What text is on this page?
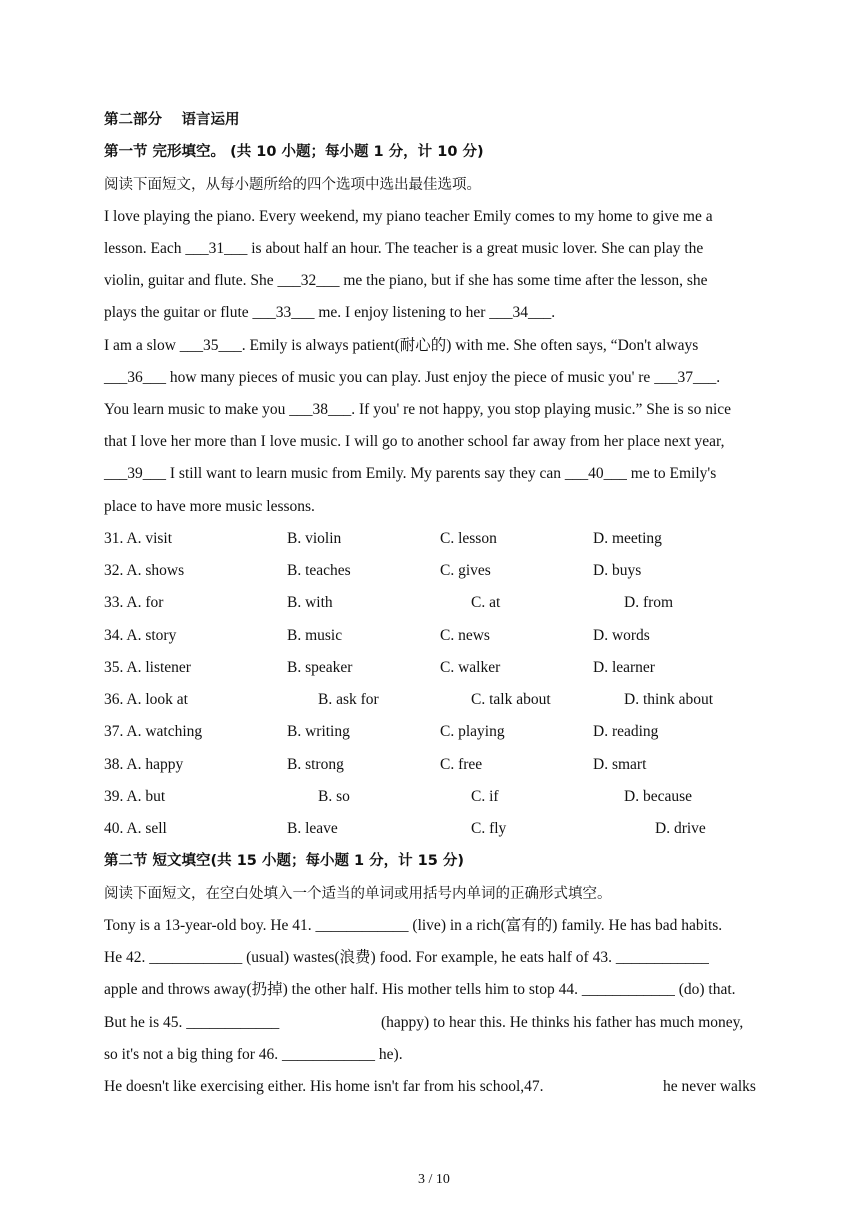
第二部分　 语言运用
第一节 完形填空。 (共 10 小题；每小题 1 分，计 10 分)
阅读下面短文，从每小题所给的四个选项中选出最佳选项。
I love playing the piano. Every weekend, my piano teacher Emily comes to my home to give me a
lesson. Each ___31___ is about half an hour. The teacher is a great music lover. She can play the
violin, guitar and flute. She ___32___ me the piano, but if she has some time after the lesson, she
plays the guitar or flute ___33___ me. I enjoy listening to her ___34___.
I am a slow ___35___. Emily is always patient(耐心的) with me. She often says, “Don't always
___36___ how many pieces of music you can play. Just enjoy the piece of music you' re ___37___.
You learn music to make you ___38___. If you' re not happy, you stop playing music.” She is so nice
that I love her more than I love music. I will go to another school far away from her place next year,
___39___ I still want to learn music from Emily. My parents say they can ___40___ me to Emily's
place to have more music lessons.
31. A. visit	B. violin	C. lesson	D. meeting
32. A. shows	B. teaches	C. gives	D. buys
33. A. for	B. with	C. at	D. from
34. A. story	B. music	C. news	D. words
35. A. listener	B. speaker	C. walker	D. learner
36. A. look at	B. ask for	C. talk about	D. think about
37. A. watching	B. writing	C. playing	D. reading
38. A. happy	B. strong	C. free	D. smart
39. A. but	B. so	C. if	D. because
40. A. sell	B. leave	C. fly	D. drive
第二节 短文填空(共 15 小题；每小题 1 分，计 15 分)
阅读下面短文，在空白处填入一个适当的单词或用括号内单词的正确形式填空。
Tony is a 13-year-old boy. He 41. ____________ (live) in a rich(富有的) family. He has bad habits.
He 42. ____________ (usual) wastes(浪费) food. For example, he eats half of 43. ____________
apple and throws away(扔掉) the other half. His mother tells him to stop 44. ____________ (do) that.
But he is 45. ____________	(happy) to hear this. He thinks his father has much money,
so it's not a big thing for 46. ____________ he).
He doesn't like exercising either. His home isn't far from his school,47.	he never walks
3 / 10
